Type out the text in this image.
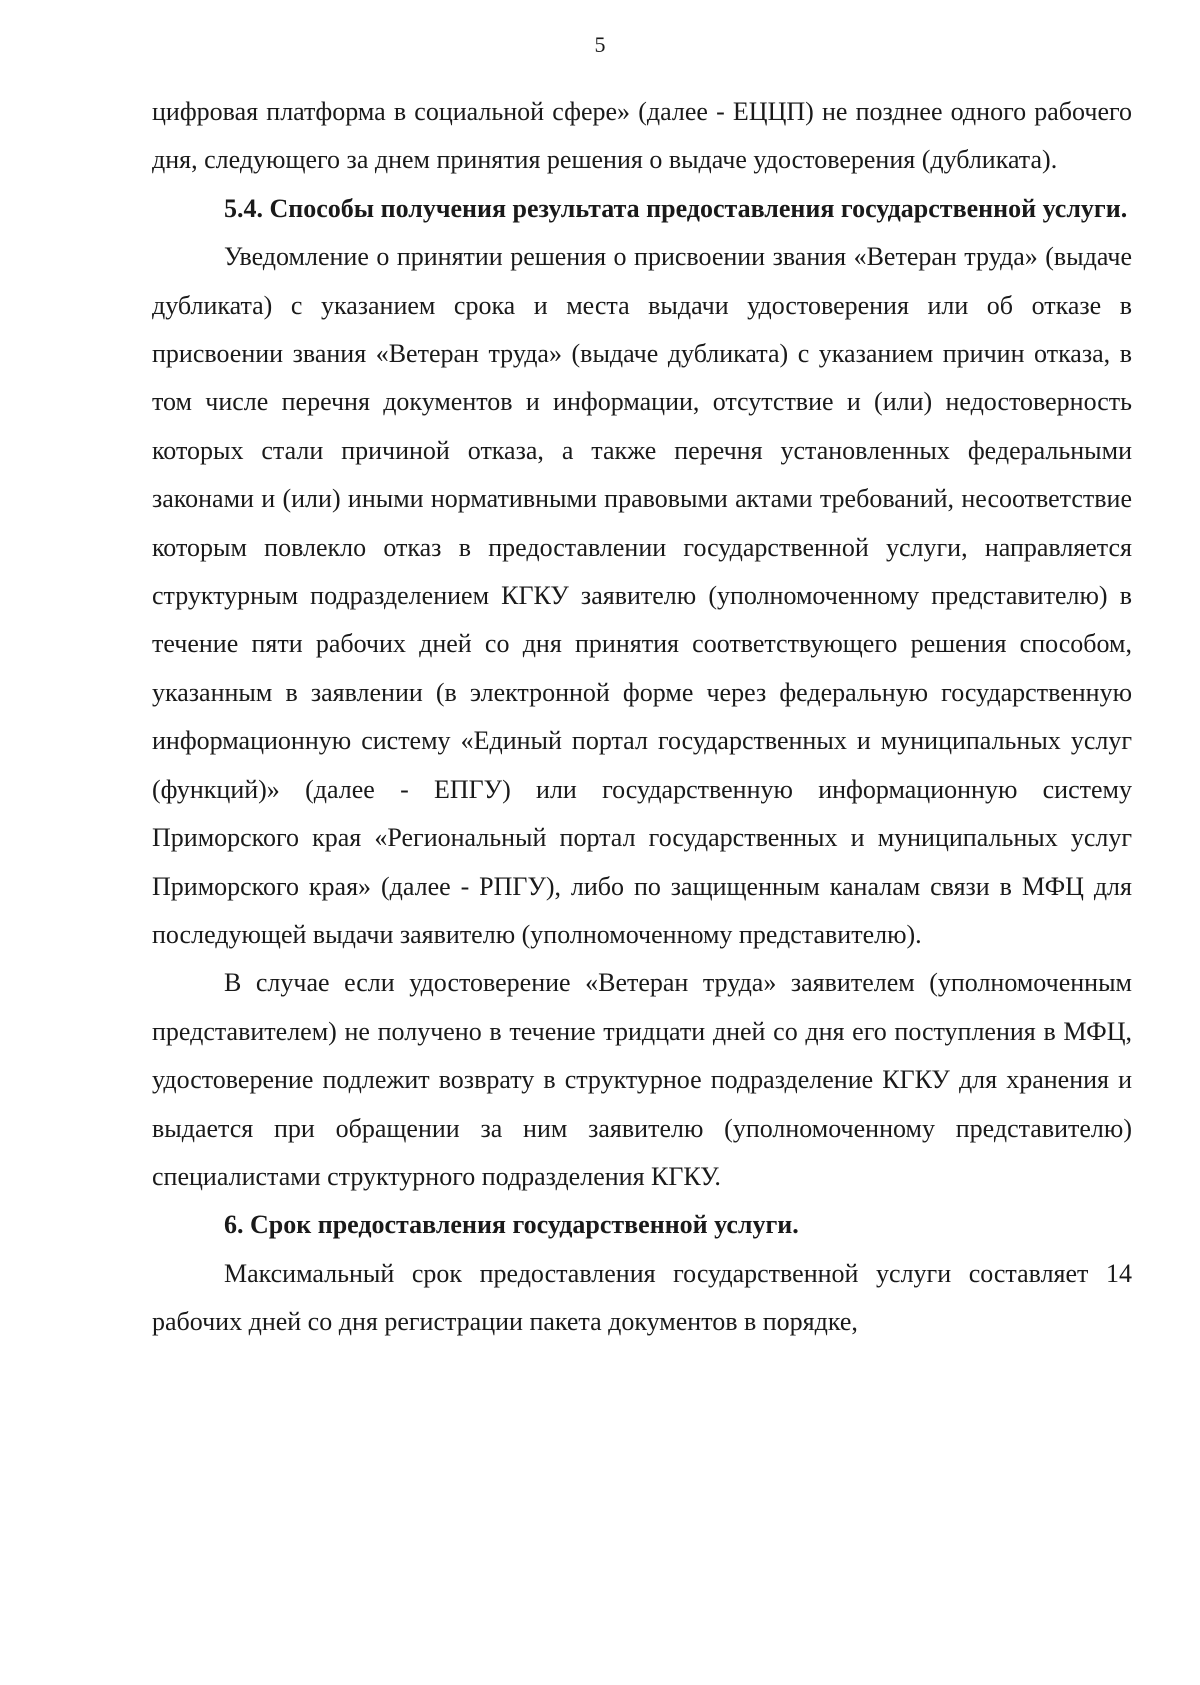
5

цифровая платформа в социальной сфере» (далее - ЕЦЦП) не позднее одного рабочего дня, следующего за днем принятия решения о выдаче удостоверения (дубликата).

5.4. Способы получения результата предоставления государственной услуги.

Уведомление о принятии решения о присвоении звания «Ветеран труда» (выдаче дубликата) с указанием срока и места выдачи удостоверения или об отказе в присвоении звания «Ветеран труда» (выдаче дубликата) с указанием причин отказа, в том числе перечня документов и информации, отсутствие и (или) недостоверность которых стали причиной отказа, а также перечня установленных федеральными законами и (или) иными нормативными правовыми актами требований, несоответствие которым повлекло отказ в предоставлении государственной услуги, направляется структурным подразделением КГКУ заявителю (уполномоченному представителю) в течение пяти рабочих дней со дня принятия соответствующего решения способом, указанным в заявлении (в электронной форме через федеральную государственную информационную систему «Единый портал государственных и муниципальных услуг (функций)» (далее - ЕПГУ) или государственную информационную систему Приморского края «Региональный портал государственных и муниципальных услуг Приморского края» (далее - РПГУ), либо по защищенным каналам связи в МФЦ для последующей выдачи заявителю (уполномоченному представителю).

В случае если удостоверение «Ветеран труда» заявителем (уполномоченным представителем) не получено в течение тридцати дней со дня его поступления в МФЦ, удостоверение подлежит возврату в структурное подразделение КГКУ для хранения и выдается при обращении за ним заявителю (уполномоченному представителю) специалистами структурного подразделения КГКУ.

6. Срок предоставления государственной услуги.

Максимальный срок предоставления государственной услуги составляет 14 рабочих дней со дня регистрации пакета документов в порядке,
